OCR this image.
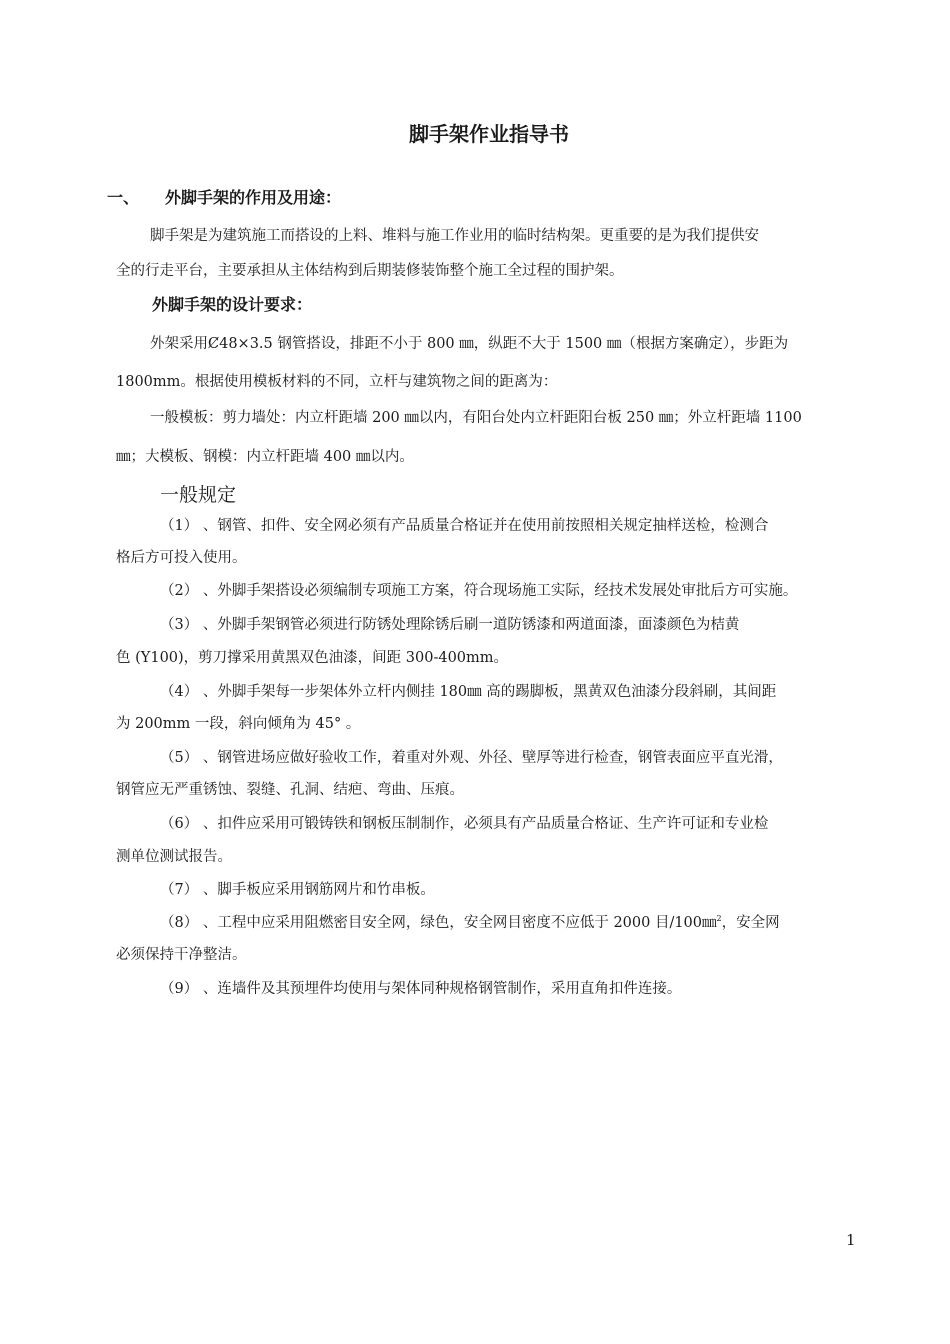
脚手架作业指导书
一、 外脚手架的作用及用途：
脚手架是为建筑施工而搭设的上料、堆料与施工作业用的临时结构架。更重要的是为我们提供安
全的行走平台，主要承担从主体结构到后期装修装饰整个施工全过程的围护架。
外脚手架的设计要求：
外架采用Ȼ48×3.5 钢管搭设，排距不小于 800 ㎜，纵距不大于 1500 ㎜（根据方案确定），步距为
1800mm。根据使用模板材料的不同，立杆与建筑物之间的距离为：
一般模板：剪力墙处：内立杆距墙 200 ㎜以内，有阳台处内立杆距阳台板 250 ㎜；外立杆距墙 1100
㎜；大模板、钢模：内立杆距墙 400 ㎜以内。
一般规定
（1） 、钢管、扣件、安全网必须有产品质量合格证并在使用前按照相关规定抽样送检，检测合
格后方可投入使用。
（2） 、外脚手架搭设必须编制专项施工方案，符合现场施工实际，经技术发展处审批后方可实施。
（3） 、外脚手架钢管必须进行防锈处理除锈后刷一道防锈漆和两道面漆，面漆颜色为桔黄
色 (Y100)，剪刀撑采用黄黑双色油漆，间距 300-400mm。
（4） 、外脚手架每一步架体外立杆内侧挂 180㎜ 高的踢脚板，黑黄双色油漆分段斜刷，其间距
为 200mm 一段，斜向倾角为 45° 。
（5） 、钢管进场应做好验收工作，着重对外观、外径、壁厚等进行检查，钢管表面应平直光滑，
钢管应无严重锈蚀、裂缝、孔洞、结疤、弯曲、压痕。
（6） 、扣件应采用可锻铸铁和钢板压制制作，必须具有产品质量合格证、生产许可证和专业检
测单位测试报告。
（7） 、脚手板应采用钢筋网片和竹串板。
（8） 、工程中应采用阻燃密目安全网，绿色，安全网目密度不应低于 2000 目/100㎜$^2$，安全网
必须保持干净整洁。
（9） 、连墙件及其预埋件均使用与架体同种规格钢管制作，采用直角扣件连接。
1
